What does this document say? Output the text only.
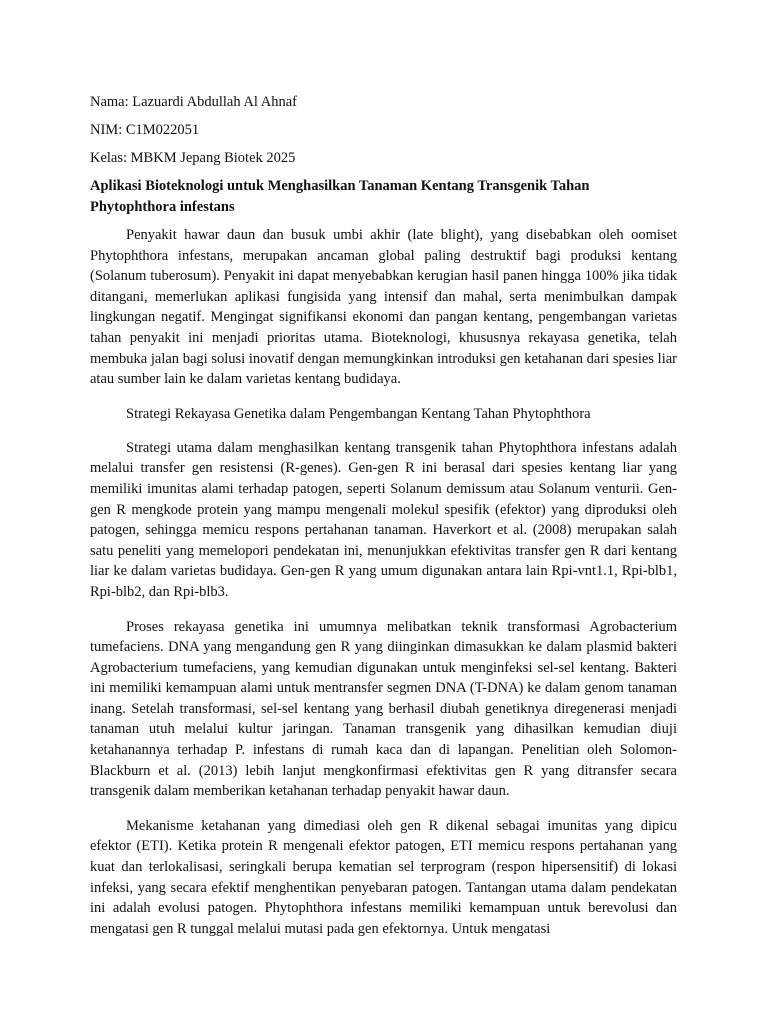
Nama: Lazuardi Abdullah Al Ahnaf

NIM: C1M022051

Kelas: MBKM Jepang Biotek 2025

Aplikasi Bioteknologi untuk Menghasilkan Tanaman Kentang Transgenik Tahan Phytophthora infestans

Penyakit hawar daun dan busuk umbi akhir (late blight), yang disebabkan oleh oomiset Phytophthora infestans, merupakan ancaman global paling destruktif bagi produksi kentang (Solanum tuberosum). Penyakit ini dapat menyebabkan kerugian hasil panen hingga 100% jika tidak ditangani, memerlukan aplikasi fungisida yang intensif dan mahal, serta menimbulkan dampak lingkungan negatif. Mengingat signifikansi ekonomi dan pangan kentang, pengembangan varietas tahan penyakit ini menjadi prioritas utama. Bioteknologi, khususnya rekayasa genetika, telah membuka jalan bagi solusi inovatif dengan memungkinkan introduksi gen ketahanan dari spesies liar atau sumber lain ke dalam varietas kentang budidaya.

Strategi Rekayasa Genetika dalam Pengembangan Kentang Tahan Phytophthora

Strategi utama dalam menghasilkan kentang transgenik tahan Phytophthora infestans adalah melalui transfer gen resistensi (R-genes). Gen-gen R ini berasal dari spesies kentang liar yang memiliki imunitas alami terhadap patogen, seperti Solanum demissum atau Solanum venturii. Gen-gen R mengkode protein yang mampu mengenali molekul spesifik (efektor) yang diproduksi oleh patogen, sehingga memicu respons pertahanan tanaman. Haverkort et al. (2008) merupakan salah satu peneliti yang memelopori pendekatan ini, menunjukkan efektivitas transfer gen R dari kentang liar ke dalam varietas budidaya. Gen-gen R yang umum digunakan antara lain Rpi-vnt1.1, Rpi-blb1, Rpi-blb2, dan Rpi-blb3.

Proses rekayasa genetika ini umumnya melibatkan teknik transformasi Agrobacterium tumefaciens. DNA yang mengandung gen R yang diinginkan dimasukkan ke dalam plasmid bakteri Agrobacterium tumefaciens, yang kemudian digunakan untuk menginfeksi sel-sel kentang. Bakteri ini memiliki kemampuan alami untuk mentransfer segmen DNA (T-DNA) ke dalam genom tanaman inang. Setelah transformasi, sel-sel kentang yang berhasil diubah genetiknya diregenerasi menjadi tanaman utuh melalui kultur jaringan. Tanaman transgenik yang dihasilkan kemudian diuji ketahanannya terhadap P. infestans di rumah kaca dan di lapangan. Penelitian oleh Solomon-Blackburn et al. (2013) lebih lanjut mengkonfirmasi efektivitas gen R yang ditransfer secara transgenik dalam memberikan ketahanan terhadap penyakit hawar daun.

Mekanisme ketahanan yang dimediasi oleh gen R dikenal sebagai imunitas yang dipicu efektor (ETI). Ketika protein R mengenali efektor patogen, ETI memicu respons pertahanan yang kuat dan terlokalisasi, seringkali berupa kematian sel terprogram (respon hipersensitif) di lokasi infeksi, yang secara efektif menghentikan penyebaran patogen. Tantangan utama dalam pendekatan ini adalah evolusi patogen. Phytophthora infestans memiliki kemampuan untuk berevolusi dan mengatasi gen R tunggal melalui mutasi pada gen efektornya. Untuk mengatasi
